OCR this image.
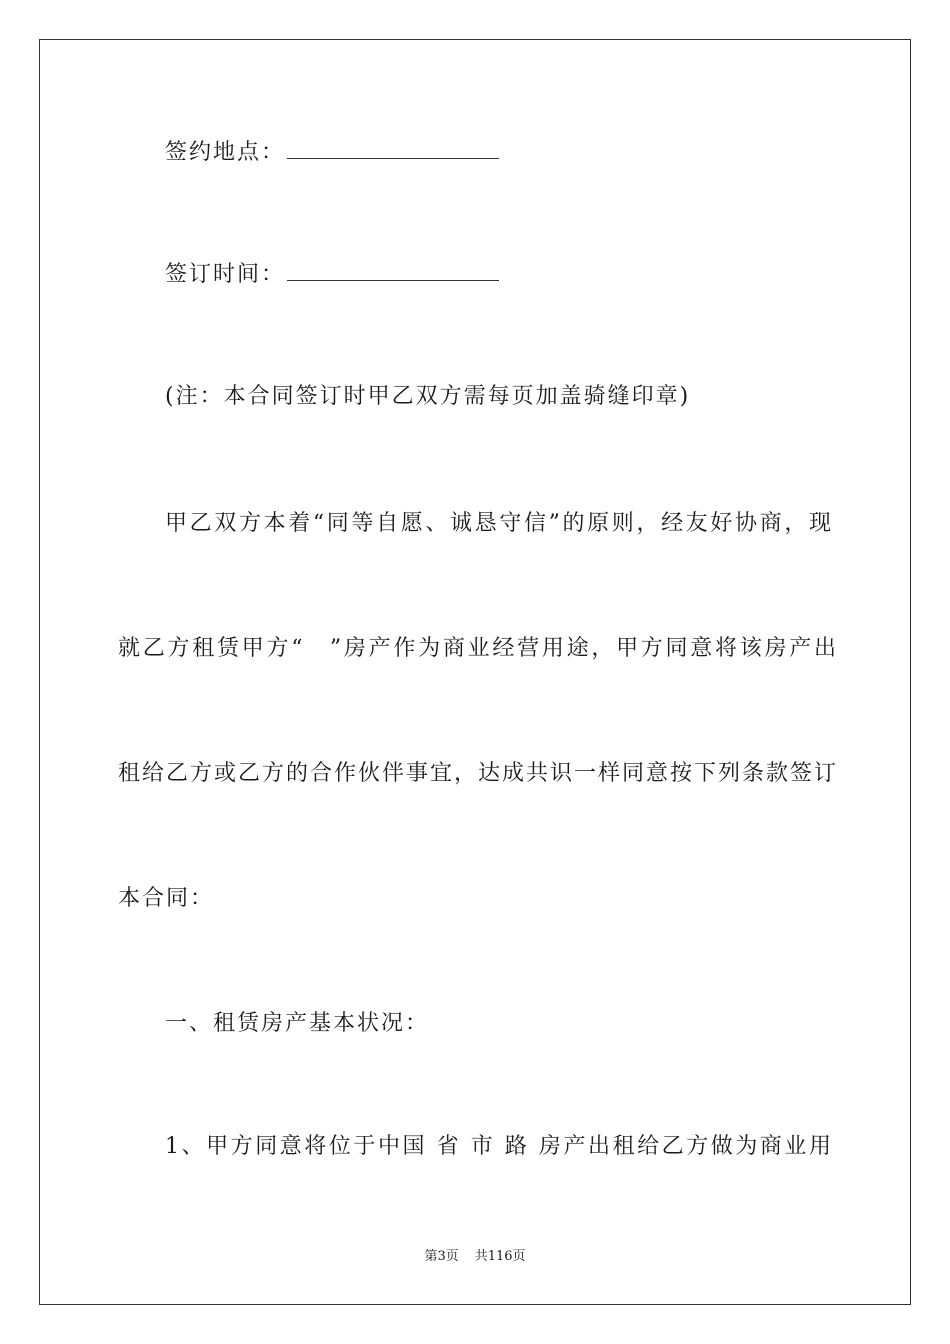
签约地点：
签订时间：
(注：本合同签订时甲乙双方需每页加盖骑缝印章)
甲乙双方本着“同等自愿、诚恳守信”的原则，经友好协商，现
就乙方租赁甲方“　”房产作为商业经营用途，甲方同意将该房产出
租给乙方或乙方的合作伙伴事宜，达成共识一样同意按下列条款签订
本合同：
一、租赁房产基本状况：
1、甲方同意将位于中国 省 市 路 房产出租给乙方做为商业用
第3页 共116页
